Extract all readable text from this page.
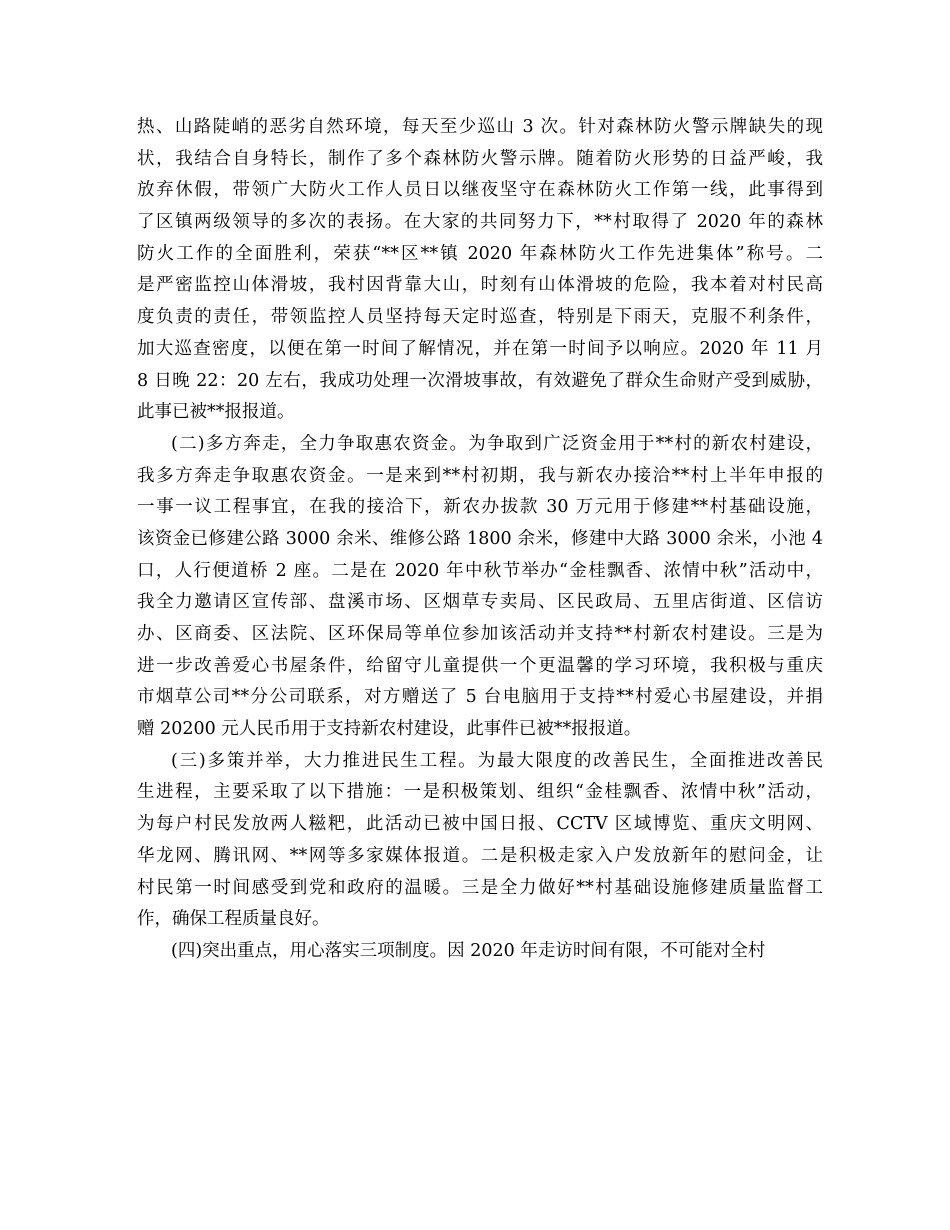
热、山路陡峭的恶劣自然环境，每天至少巡山 3 次。针对森林防火警示牌缺失的现
状，我结合自身特长，制作了多个森林防火警示牌。随着防火形势的日益严峻，我
放弃休假，带领广大防火工作人员日以继夜坚守在森林防火工作第一线，此事得到
了区镇两级领导的多次的表扬。在大家的共同努力下，**村取得了 2020 年的森林
防火工作的全面胜利，荣获“**区**镇 2020 年森林防火工作先进集体”称号。二
是严密监控山体滑坡，我村因背靠大山，时刻有山体滑坡的危险，我本着对村民高
度负责的责任，带领监控人员坚持每天定时巡查，特别是下雨天，克服不利条件，
加大巡查密度，以便在第一时间了解情况，并在第一时间予以响应。2020 年 11 月
8 日晚 22：20 左右，我成功处理一次滑坡事故，有效避免了群众生命财产受到威胁，
此事已被**报报道。
(二)多方奔走，全力争取惠农资金。为争取到广泛资金用于**村的新农村建设，
我多方奔走争取惠农资金。一是来到**村初期，我与新农办接洽**村上半年申报的
一事一议工程事宜，在我的接洽下，新农办拔款 30 万元用于修建**村基础设施，
该资金已修建公路 3000 余米、维修公路 1800 余米，修建中大路 3000 余米，小池 4
口，人行便道桥 2 座。二是在 2020 年中秋节举办“金桂飘香、浓情中秋”活动中，
我全力邀请区宣传部、盘溪市场、区烟草专卖局、区民政局、五里店街道、区信访
办、区商委、区法院、区环保局等单位参加该活动并支持**村新农村建设。三是为
进一步改善爱心书屋条件，给留守儿童提供一个更温馨的学习环境，我积极与重庆
市烟草公司**分公司联系，对方赠送了 5 台电脑用于支持**村爱心书屋建设，并捐
赠 20200 元人民币用于支持新农村建设，此事件已被**报报道。
(三)多策并举，大力推进民生工程。为最大限度的改善民生，全面推进改善民
生进程，主要采取了以下措施：一是积极策划、组织“金桂飘香、浓情中秋”活动，
为每户村民发放两人糍粑，此活动已被中国日报、CCTV 区域博览、重庆文明网、
华龙网、腾讯网、**网等多家媒体报道。二是积极走家入户发放新年的慰问金，让
村民第一时间感受到党和政府的温暖。三是全力做好**村基础设施修建质量监督工
作，确保工程质量良好。
(四)突出重点，用心落实三项制度。因 2020 年走访时间有限，不可能对全村
